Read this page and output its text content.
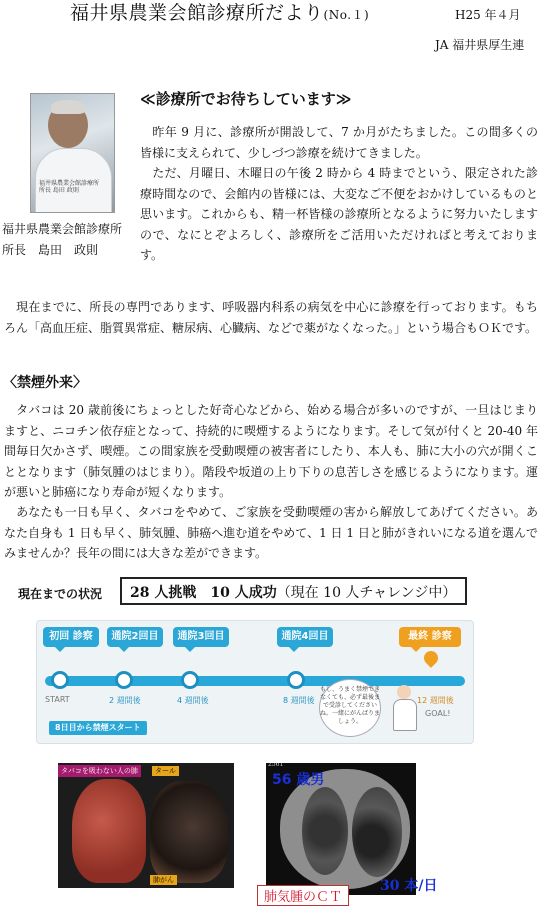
福井県農業会館診療所だより(No.１)	H25 年４月
JA 福井県厚生連
福井県農業会館診療所 所長 島田 政則
福井県農業会館診療所
所長　島田　政則
≪診療所でお待ちしています≫
　昨年 9 月に、診療所が開設して、7 か月がたちました。この間多くの皆様に支えられて、少しづつ診療を続けてきました。
　ただ、月曜日、木曜日の午後 2 時から 4 時までという、限定された診療時間なので、会館内の皆様には、大変なご不便をおかけしているものと思います。これからも、精一杯皆様の診療所となるように努力いたしますので、なにとぞよろしく、診療所をご活用いただければと考えております。
　現在までに、所長の専門であります、呼吸器内科系の病気を中心に診療を行っております。もちろん「高血圧症、脂質異常症、糖尿病、心臓病、などで薬がなくなった。」という場合もＯＫです。
〈禁煙外来〉
　タバコは 20 歳前後にちょっとした好奇心などから、始める場合が多いのですが、一旦はじまりますと、ニコチン依存症となって、持続的に喫煙するようになります。そして気が付くと 20-40 年間毎日欠かさず、喫煙。この間家族を受動喫煙の被害者にしたり、本人も、肺に大小の穴が開くこととなります（肺気腫のはじまり）。階段や坂道の上り下りの息苦しさを感じるようになります。運が悪いと肺癌になり寿命が短くなります。
　あなたも一日も早く、タバコをやめて、ご家族を受動喫煙の害から解放してあげてください。あなた自身も 1 日も早く、肺気腫、肺癌へ進む道をやめて、1 日 1 日と肺がきれいになる道を選んでみませんか？長年の間には大きな差ができます。
現在までの状況	28 人挑戦　10 人成功（現在 10 人チャレンジ中）
初回 診察	通院2回目	通院3回目	通院4回目	最終 診察
START	2 週間後	4 週間後	8 週間後	12 週間後
GOAL!
8日目から禁煙スタート
もし、うまく禁煙できなくても、必ず最後まで受診してくださいね。一緒にがんばりましょう。
タバコを吸わない人の肺	タール
肺がん
2561
56 歳男
30 本/日
肺気腫のＣＴ
